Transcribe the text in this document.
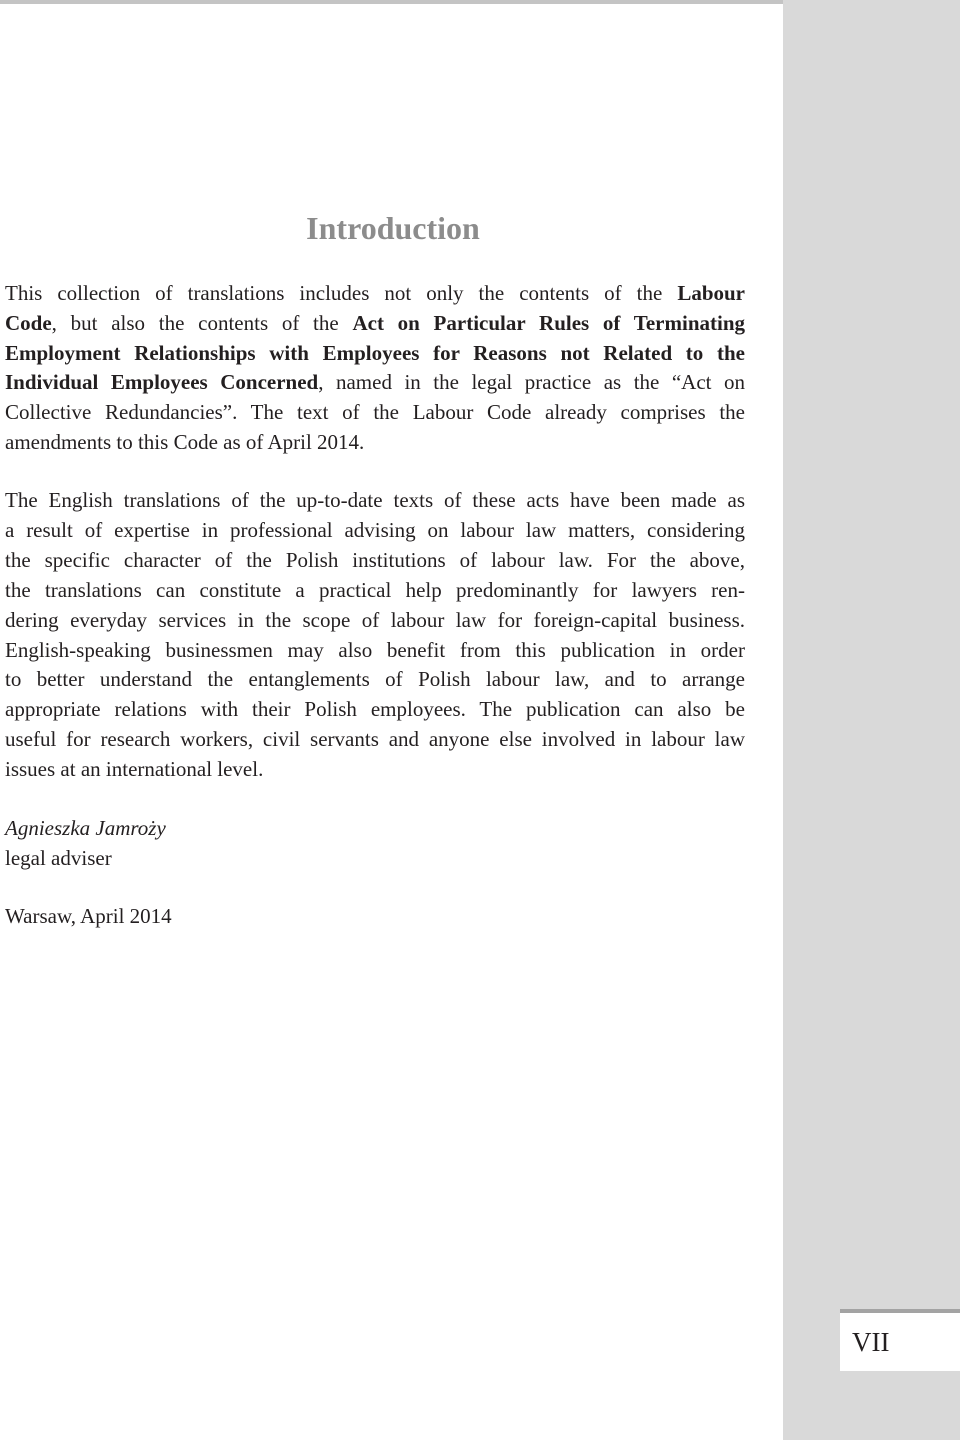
VII
Introduction
This collection of translations includes not only the contents of the Labour
Code, but also the contents of the Act on Particular Rules of Terminating
Employment Relationships with Employees for Reasons not Related to the
Individual Employees Concerned, named in the legal practice as the “Act on
Collective Redundancies”. The text of the Labour Code already comprises the
amendments to this Code as of April 2014.
The English translations of the up-to-date texts of these acts have been made as
a result of expertise in professional advising on labour law matters, considering
the specific character of the Polish institutions of labour law. For the above,
the translations can constitute a practical help predominantly for lawyers ren-
dering everyday services in the scope of labour law for foreign-capital business.
English-speaking businessmen may also benefit from this publication in order
to better understand the entanglements of Polish labour law, and to arrange
appropriate relations with their Polish employees. The publication can also be
useful for research workers, civil servants and anyone else involved in labour law
issues at an international level.
Agnieszka Jamroży
legal adviser
Warsaw, April 2014
